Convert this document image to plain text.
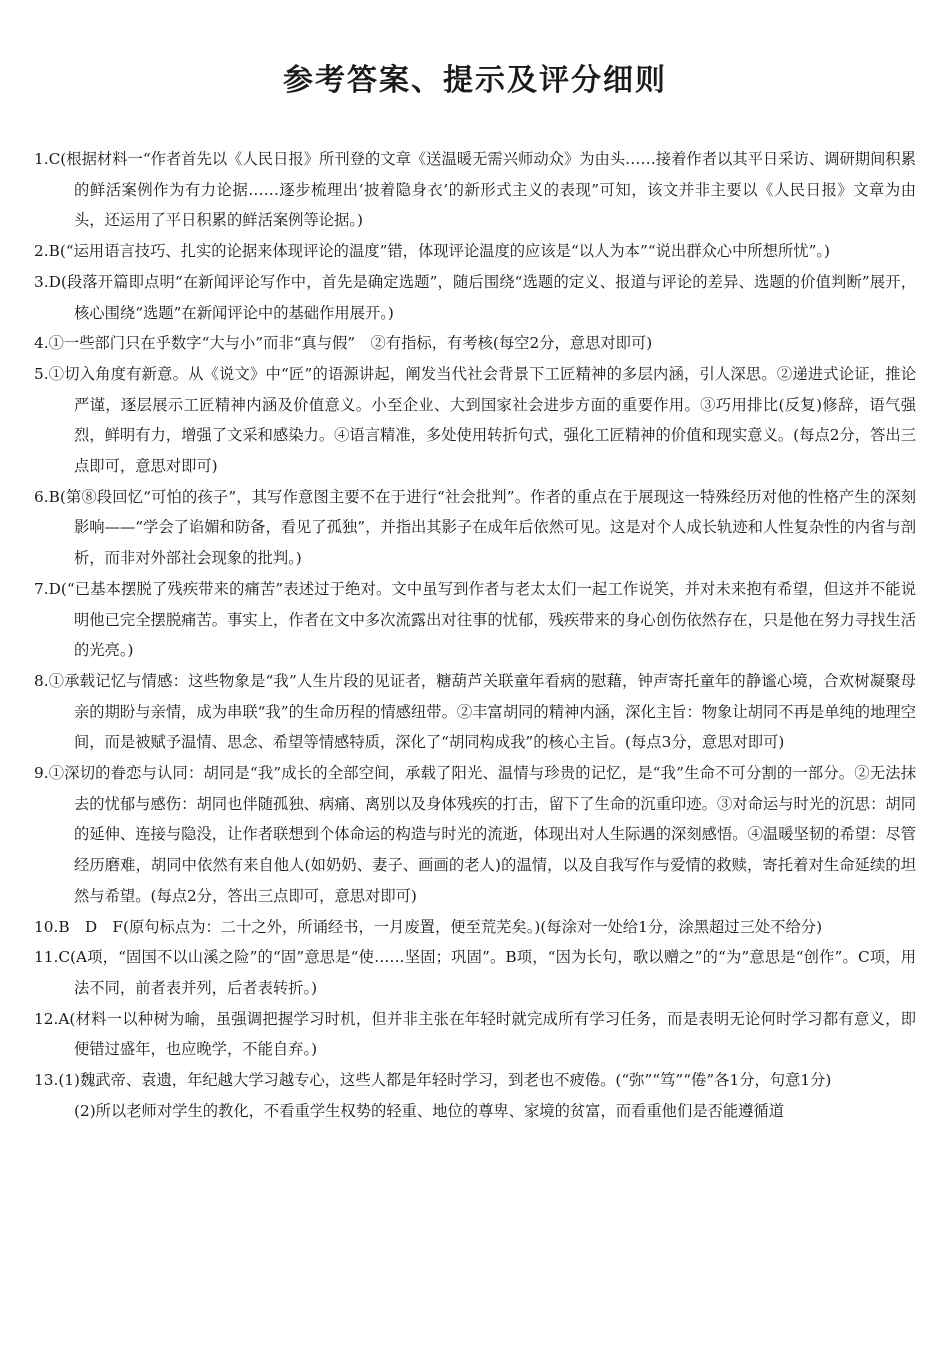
参考答案、提示及评分细则

1.C(根据材料一“作者首先以《人民日报》所刊登的文章《送温暖无需兴师动众》为由头……接着作者以其平日采访、调研期间积累的鲜活案例作为有力论据……逐步梳理出‘披着隐身衣’的新形式主义的表现”可知，该文并非主要以《人民日报》文章为由头，还运用了平日积累的鲜活案例等论据。)

2.B(“运用语言技巧、扎实的论据来体现评论的温度”错，体现评论温度的应该是“以人为本”“说出群众心中所想所忧”。)

3.D(段落开篇即点明“在新闻评论写作中，首先是确定选题”，随后围绕“选题的定义、报道与评论的差异、选题的价值判断”展开，核心围绕“选题”在新闻评论中的基础作用展开。)

4.①一些部门只在乎数字“大与小”而非“真与假”　②有指标，有考核(每空2分，意思对即可)

5.①切入角度有新意。从《说文》中“匠”的语源讲起，阐发当代社会背景下工匠精神的多层内涵，引人深思。②递进式论证，推论严谨，逐层展示工匠精神内涵及价值意义。小至企业、大到国家社会进步方面的重要作用。③巧用排比(反复)修辞，语气强烈，鲜明有力，增强了文采和感染力。④语言精准，多处使用转折句式，强化工匠精神的价值和现实意义。(每点2分，答出三点即可，意思对即可)

6.B(第⑧段回忆“可怕的孩子”，其写作意图主要不在于进行“社会批判”。作者的重点在于展现这一特殊经历对他的性格产生的深刻影响——“学会了谄媚和防备，看见了孤独”，并指出其影子在成年后依然可见。这是对个人成长轨迹和人性复杂性的内省与剖析，而非对外部社会现象的批判。)

7.D(“已基本摆脱了残疾带来的痛苦”表述过于绝对。文中虽写到作者与老太太们一起工作说笑，并对未来抱有希望，但这并不能说明他已完全摆脱痛苦。事实上，作者在文中多次流露出对往事的忧郁，残疾带来的身心创伤依然存在，只是他在努力寻找生活的光亮。)

8.①承载记忆与情感：这些物象是“我”人生片段的见证者，糖葫芦关联童年看病的慰藉，钟声寄托童年的静谧心境，合欢树凝聚母亲的期盼与亲情，成为串联“我”的生命历程的情感纽带。②丰富胡同的精神内涵，深化主旨：物象让胡同不再是单纯的地理空间，而是被赋予温情、思念、希望等情感特质，深化了“胡同构成我”的核心主旨。(每点3分，意思对即可)

9.①深切的眷恋与认同：胡同是“我”成长的全部空间，承载了阳光、温情与珍贵的记忆，是“我”生命不可分割的一部分。②无法抹去的忧郁与感伤：胡同也伴随孤独、病痛、离别以及身体残疾的打击，留下了生命的沉重印迹。③对命运与时光的沉思：胡同的延伸、连接与隐没，让作者联想到个体命运的构造与时光的流逝，体现出对人生际遇的深刻感悟。④温暖坚韧的希望：尽管经历磨难，胡同中依然有来自他人(如奶奶、妻子、画画的老人)的温情，以及自我写作与爱情的救赎，寄托着对生命延续的坦然与希望。(每点2分，答出三点即可，意思对即可)

10.B　D　F(原句标点为：二十之外，所诵经书，一月废置，便至荒芜矣。)(每涂对一处给1分，涂黑超过三处不给分)

11.C(A项，“固国不以山溪之险”的“固”意思是“使……坚固；巩固”。B项，“因为长句，歌以赠之”的“为”意思是“创作”。C项，用法不同，前者表并列，后者表转折。)

12.A(材料一以种树为喻，虽强调把握学习时机，但并非主张在年轻时就完成所有学习任务，而是表明无论何时学习都有意义，即便错过盛年，也应晚学，不能自弃。)

13.(1)魏武帝、袁遗，年纪越大学习越专心，这些人都是年轻时学习，到老也不疲倦。(“弥”“笃”“倦”各1分，句意1分)

(2)所以老师对学生的教化，不看重学生权势的轻重、地位的尊卑、家境的贫富，而看重他们是否能遵循道
